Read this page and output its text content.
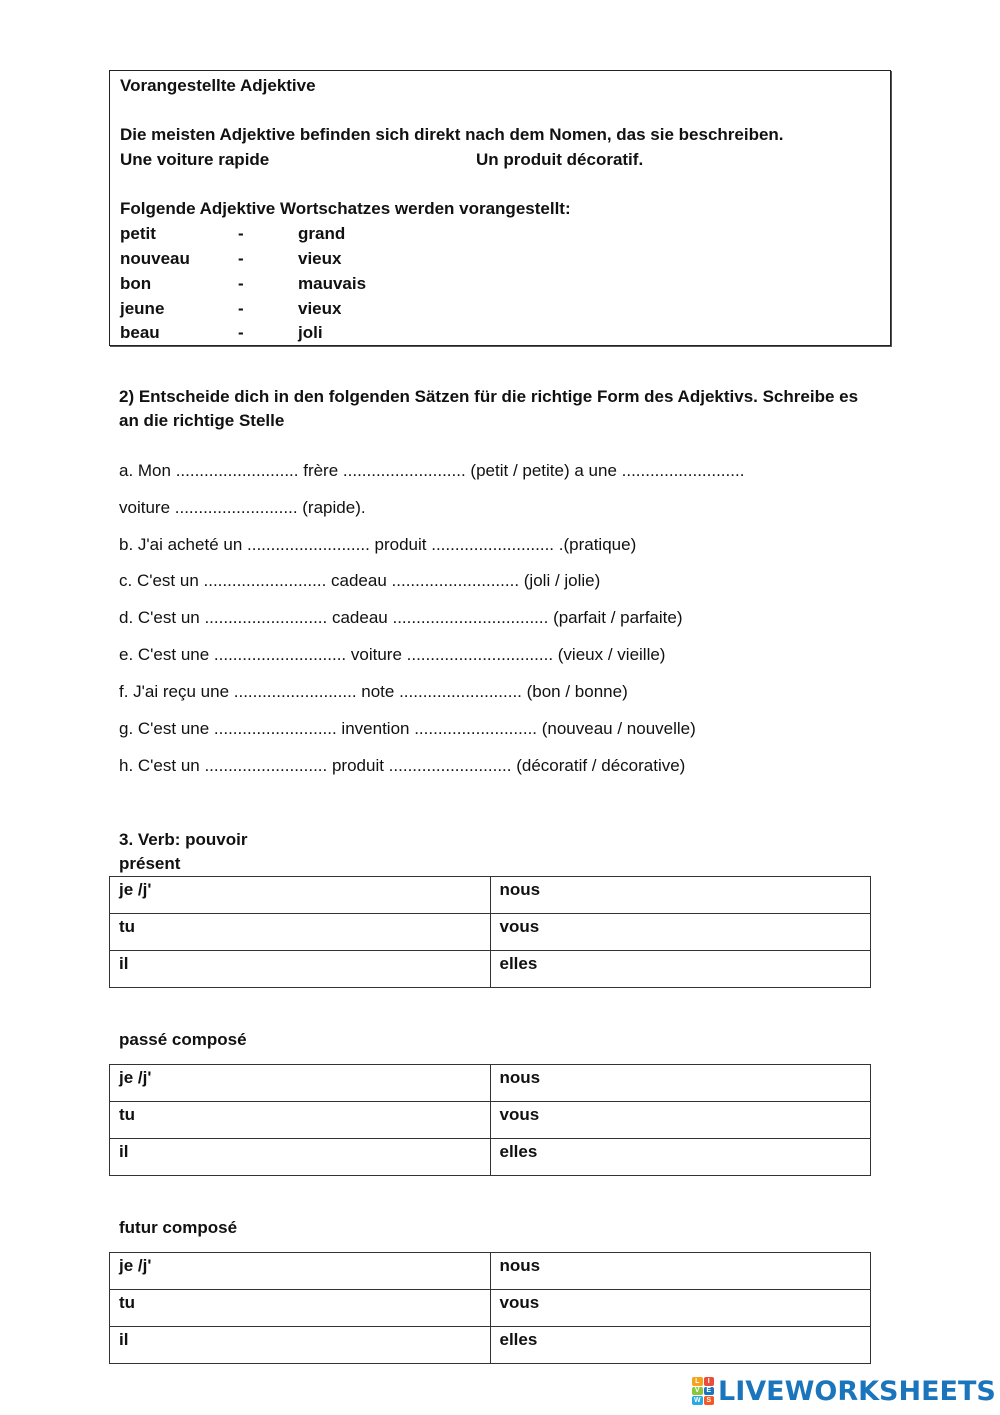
Vorangestellte Adjektive
Die meisten Adjektive befinden sich direkt nach dem Nomen, das sie beschreiben.
Une voiture rapide	Un produit décoratif.
Folgende Adjektive Wortschatzes werden vorangestellt:
petit	-	grand
nouveau	-	vieux
bon	-	mauvais
jeune	-	vieux
beau	-	joli
2) Entscheide dich in den folgenden Sätzen für die richtige Form des Adjektivs. Schreibe es
an die richtige Stelle
a. Mon .......................... frère .......................... (petit / petite) a une ..........................
voiture .......................... (rapide).
b. J'ai acheté un .......................... produit .......................... .(pratique)
c. C'est un .......................... cadeau ........................... (joli / jolie)
d. C'est un .......................... cadeau ................................. (parfait / parfaite)
e. C'est une ............................ voiture ............................... (vieux / vieille)
f. J'ai reçu une .......................... note .......................... (bon / bonne)
g. C'est une .......................... invention .......................... (nouveau / nouvelle)
h. C'est un .......................... produit .......................... (décoratif / décorative)
3. Verb: pouvoir
présent
je /j'	nous
tu	vous
il	elles
passé composé
je /j'	nous
tu	vous
il	elles
futur composé
je /j'	nous
tu	vous
il	elles
L	I
V E
W S LIVEWORKSHEETS
